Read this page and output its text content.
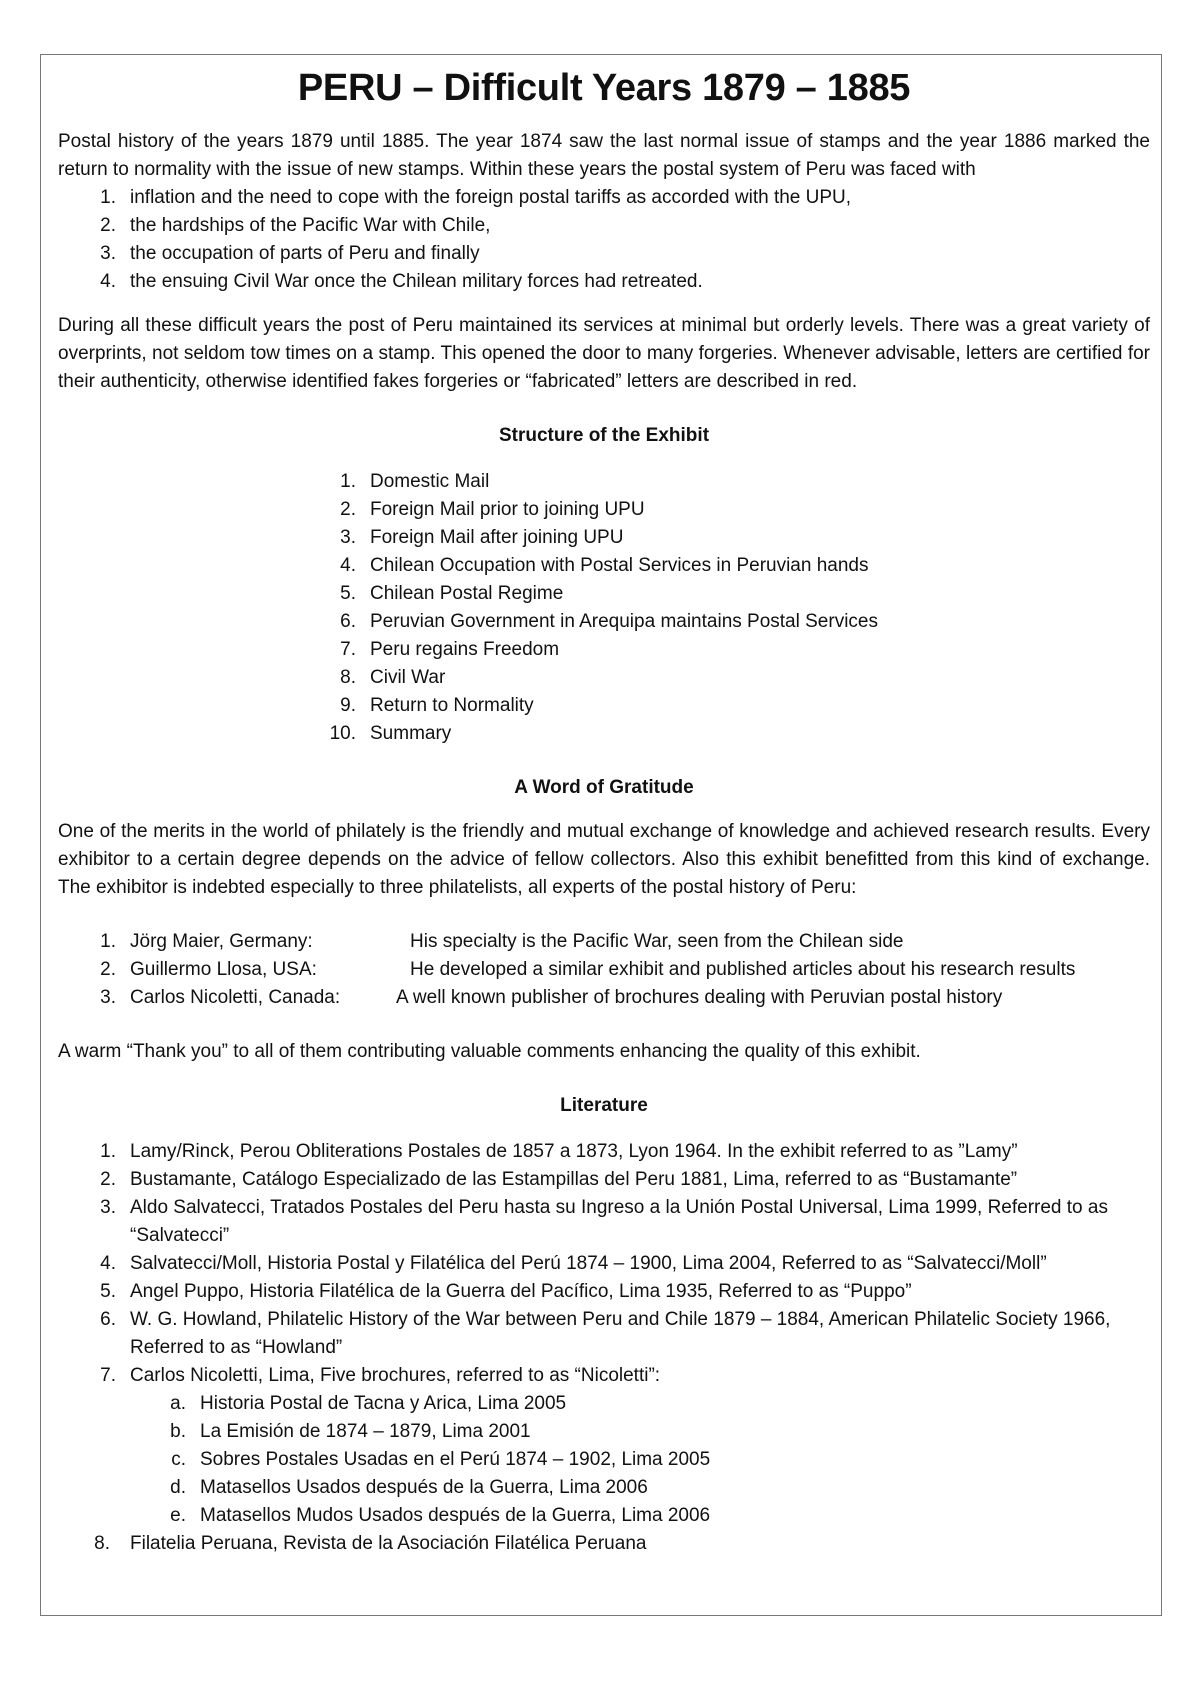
PERU – Difficult Years 1879 – 1885

Postal history of the years 1879 until 1885. The year 1874 saw the last normal issue of stamps and the year 1886 marked the return to normality with the issue of new stamps. Within these years the postal system of Peru was faced with

1. inflation and the need to cope with the foreign postal tariffs as accorded with the UPU,
2. the hardships of the Pacific War with Chile,
3. the occupation of parts of Peru and finally
4. the ensuing Civil War once the Chilean military forces had retreated.

During all these difficult years the post of Peru maintained its services at minimal but orderly levels. There was a great variety of overprints, not seldom tow times on a stamp. This opened the door to many forgeries. Whenever advisable, letters are certified for their authenticity, otherwise identified fakes forgeries or “fabricated” letters are described in red.

Structure of the Exhibit
1. Domestic Mail
2. Foreign Mail prior to joining UPU
3. Foreign Mail after joining UPU
4. Chilean Occupation with Postal Services in Peruvian hands
5. Chilean Postal Regime
6. Peruvian Government in Arequipa maintains Postal Services
7. Peru regains Freedom
8. Civil War
9. Return to Normality
10. Summary
A Word of Gratitude

One of the merits in the world of philately is the friendly and mutual exchange of knowledge and achieved research results. Every exhibitor to a certain degree depends on the advice of fellow collectors. Also this exhibit benefitted from this kind of exchange. The exhibitor is indebted especially to three philatelists, all experts of the postal history of Peru:

1. Jörg Maier, Germany:	His specialty is the Pacific War, seen from the Chilean side
2. Guillermo Llosa, USA:	He developed a similar exhibit and published articles about his research results
3. Carlos Nicoletti, Canada:	A well known publisher of brochures dealing with Peruvian postal history

A warm “Thank you” to all of them contributing valuable comments enhancing the quality of this exhibit.

Literature
1. Lamy/Rinck, Perou Obliterations Postales de 1857 a 1873, Lyon 1964. In the exhibit referred to as ”Lamy”
2. Bustamante, Catálogo Especializado de las Estampillas del Peru 1881, Lima, referred to as “Bustamante”
3. Aldo Salvatecci, Tratados Postales del Peru hasta su Ingreso a la Unión Postal Universal, Lima 1999, Referred to as “Salvatecci”
4. Salvatecci/Moll, Historia Postal y Filatélica del Perú 1874 – 1900, Lima 2004, Referred to as “Salvatecci/Moll”
5. Angel Puppo, Historia Filatélica de la Guerra del Pacífico, Lima 1935, Referred to as “Puppo”
6. W. G. Howland, Philatelic History of the War between Peru and Chile 1879 – 1884, American Philatelic Society 1966, Referred to as “Howland”
7. Carlos Nicoletti, Lima, Five brochures, referred to as “Nicoletti”:
a. Historia Postal de Tacna y Arica, Lima 2005
b. La Emisión de 1874 – 1879, Lima 2001
c. Sobres Postales Usadas en el Perú 1874 – 1902, Lima 2005
d. Matasellos Usados después de la Guerra, Lima 2006
e. Matasellos Mudos Usados después de la Guerra, Lima 2006
8.	Filatelia Peruana, Revista de la Asociación Filatélica Peruana
